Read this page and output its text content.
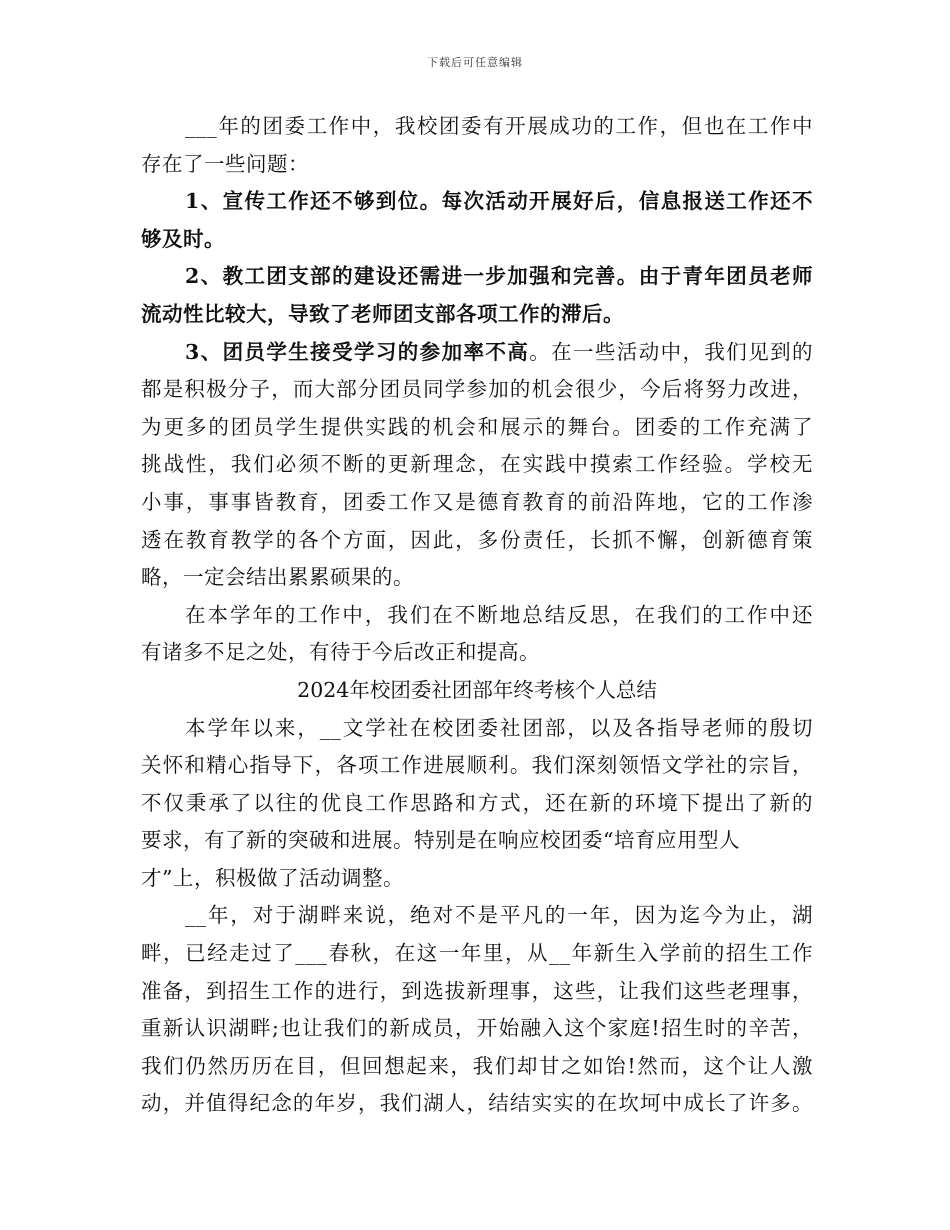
下载后可任意编辑
___年的团委工作中，我校团委有开展成功的工作，但也在工作中
存在了一些问题：
1、宣传工作还不够到位。每次活动开展好后，信息报送工作还不
够及时。
2、教工团支部的建设还需进一步加强和完善。由于青年团员老师
流动性比较大，导致了老师团支部各项工作的滞后。
3、团员学生接受学习的参加率不高。在一些活动中，我们见到的
都是积极分子，而大部分团员同学参加的机会很少，今后将努力改进，
为更多的团员学生提供实践的机会和展示的舞台。团委的工作充满了
挑战性，我们必须不断的更新理念，在实践中摸索工作经验。学校无
小事，事事皆教育，团委工作又是德育教育的前沿阵地，它的工作渗
透在教育教学的各个方面，因此，多份责任，长抓不懈，创新德育策
略，一定会结出累累硕果的。
在本学年的工作中，我们在不断地总结反思，在我们的工作中还
有诸多不足之处，有待于今后改正和提高。
2024年校团委社团部年终考核个人总结
本学年以来，__文学社在校团委社团部，以及各指导老师的殷切
关怀和精心指导下，各项工作进展顺利。我们深刻领悟文学社的宗旨，
不仅秉承了以往的优良工作思路和方式，还在新的环境下提出了新的
要求，有了新的突破和进展。特别是在响应校团委“培育应用型人
才”上，积极做了活动调整。
__年，对于湖畔来说，绝对不是平凡的一年，因为迄今为止，湖
畔，已经走过了___春秋，在这一年里，从__年新生入学前的招生工作
准备，到招生工作的进行，到选拔新理事，这些，让我们这些老理事，
重新认识湖畔;也让我们的新成员，开始融入这个家庭!招生时的辛苦，
我们仍然历历在目，但回想起来，我们却甘之如饴!然而，这个让人激
动，并值得纪念的年岁，我们湖人，结结实实的在坎坷中成长了许多。
